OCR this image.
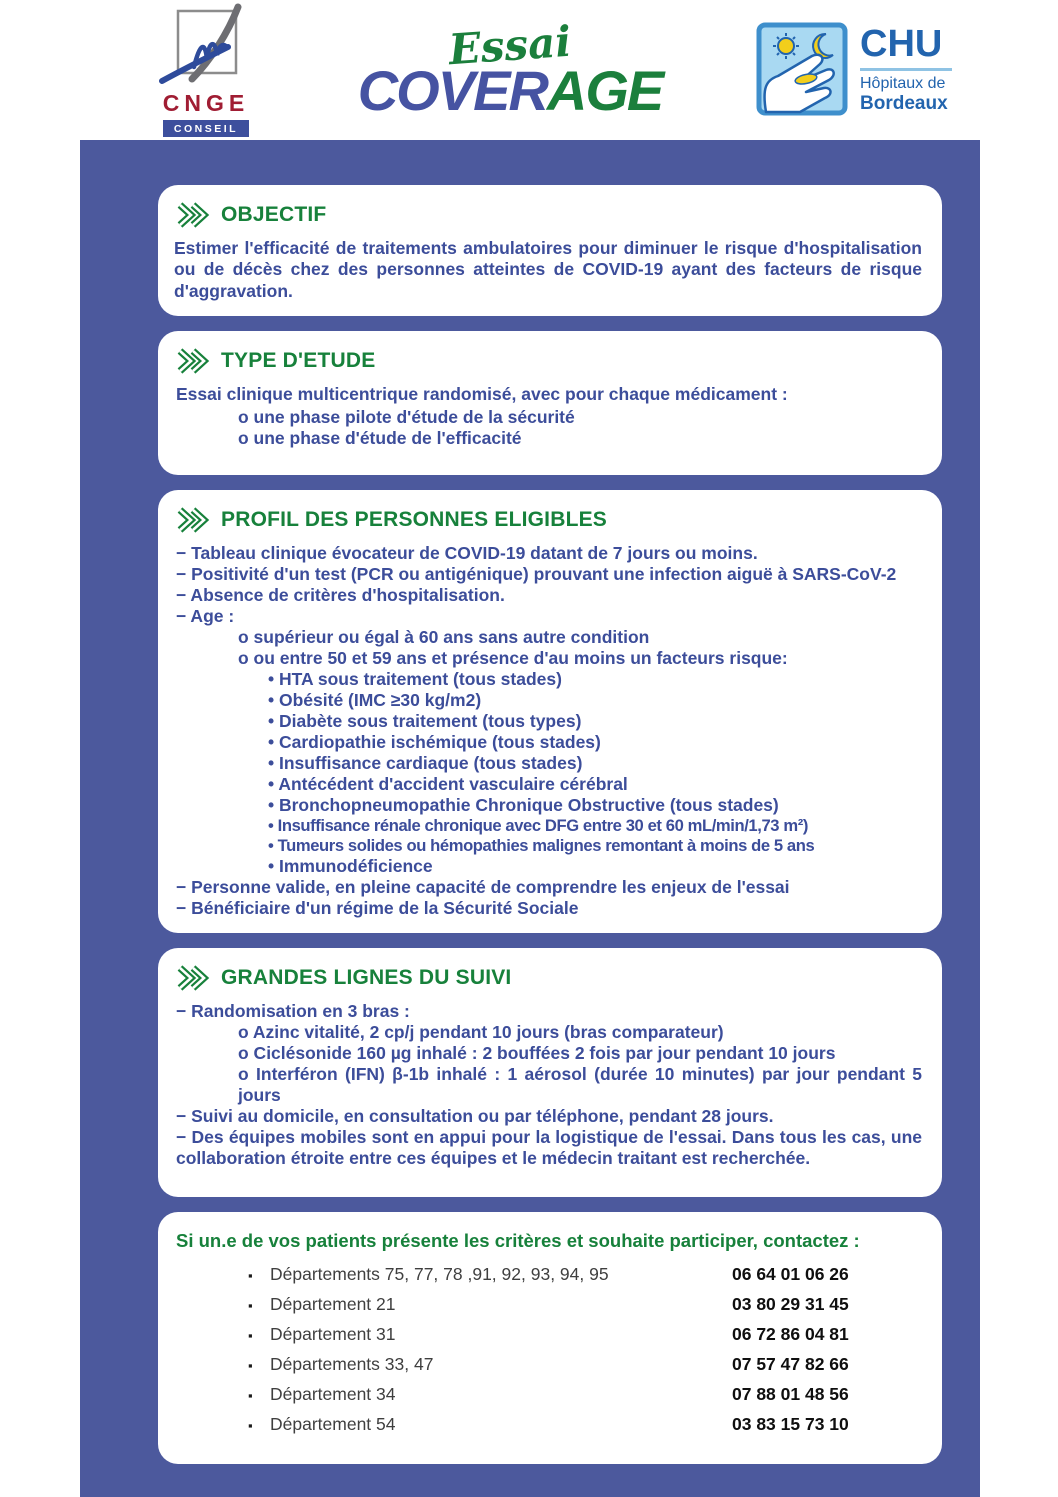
CNGE
CONSEIL
Essai
COVERAGE
CHU
Hôpitaux de
Bordeaux
OBJECTIF
Estimer l'efficacité de traitements ambulatoires pour diminuer le risque d'hospitalisation ou de décès chez des personnes atteintes de COVID-19 ayant des facteurs de risque d'aggravation.
TYPE D'ETUDE
Essai clinique multicentrique randomisé, avec pour chaque médicament :
o une phase pilote d'étude de la sécurité
o une phase d'étude de l'efficacité
PROFIL DES PERSONNES ELIGIBLES
− Tableau clinique évocateur de COVID-19 datant de 7 jours ou moins.
− Positivité d'un test (PCR ou antigénique) prouvant une infection aiguë à SARS-CoV-2
− Absence de critères d'hospitalisation.
− Age :
o supérieur ou égal à 60 ans sans autre condition
o ou entre 50 et 59 ans et présence d'au moins un facteurs risque:
• HTA sous traitement (tous stades)
• Obésité (IMC ≥30 kg/m2)
• Diabète sous traitement (tous types)
• Cardiopathie ischémique (tous stades)
• Insuffisance cardiaque (tous stades)
• Antécédent d'accident vasculaire cérébral
• Bronchopneumopathie Chronique Obstructive (tous stades)
• Insuffisance rénale chronique avec DFG entre 30 et 60 mL/min/1,73 m²)
• Tumeurs solides ou hémopathies malignes remontant à moins de 5 ans
• Immunodéficience
− Personne valide, en pleine capacité de comprendre les enjeux de l'essai
− Bénéficiaire d'un régime de la Sécurité Sociale
GRANDES LIGNES DU SUIVI
− Randomisation en 3 bras :
o Azinc vitalité, 2 cp/j pendant 10 jours (bras comparateur)
o Ciclésonide 160 µg inhalé : 2 bouffées 2 fois par jour pendant 10 jours
o Interféron (IFN) β-1b inhalé : 1 aérosol (durée 10 minutes) par jour pendant 5 jours
− Suivi au domicile, en consultation ou par téléphone, pendant 28 jours.
− Des équipes mobiles sont en appui pour la logistique de l'essai. Dans tous les cas, une collaboration étroite entre ces équipes et le médecin traitant est recherchée.
Si un.e de vos patients présente les critères et souhaite participer, contactez :
▪ Départements 75, 77, 78 ,91, 92, 93, 94, 95	06 64 01 06 26
▪ Département 21	03 80 29 31 45
▪ Département 31	06 72 86 04 81
▪ Départements 33, 47	07 57 47 82 66
▪ Département 34	07 88 01 48 56
▪ Département 54	03 83 15 73 10
